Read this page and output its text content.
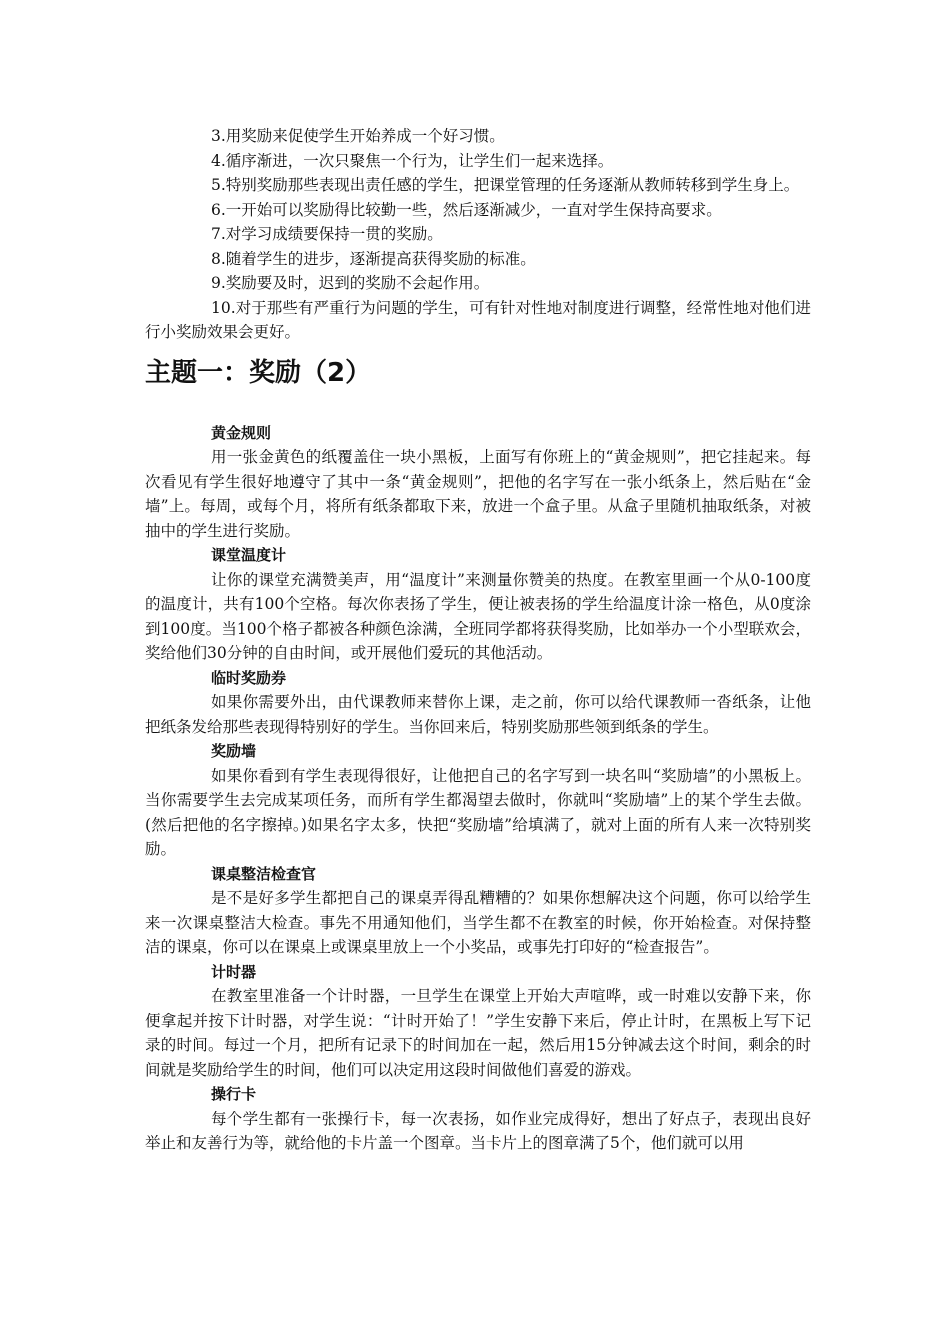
3.用奖励来促使学生开始养成一个好习惯。

4.循序渐进，一次只聚焦一个行为，让学生们一起来选择。

5.特别奖励那些表现出责任感的学生，把课堂管理的任务逐渐从教师转移到学生身上。

6.一开始可以奖励得比较勤一些，然后逐渐减少，一直对学生保持高要求。

7.对学习成绩要保持一贯的奖励。

8.随着学生的进步，逐渐提高获得奖励的标准。

9.奖励要及时，迟到的奖励不会起作用。

10.对于那些有严重行为问题的学生，可有针对性地对制度进行调整，经常性地对他们进行小奖励效果会更好。

主题一：奖励（2）
黄金规则

用一张金黄色的纸覆盖住一块小黑板，上面写有你班上的“黄金规则”，把它挂起来。每次看见有学生很好地遵守了其中一条“黄金规则”，把他的名字写在一张小纸条上，然后贴在“金墙”上。每周，或每个月，将所有纸条都取下来，放进一个盒子里。从盒子里随机抽取纸条，对被抽中的学生进行奖励。

课堂温度计

让你的课堂充满赞美声，用“温度计”来测量你赞美的热度。在教室里画一个从0-100度的温度计，共有100个空格。每次你表扬了学生，便让被表扬的学生给温度计涂一格色，从0度涂到100度。当100个格子都被各种颜色涂满，全班同学都将获得奖励，比如举办一个小型联欢会，奖给他们30分钟的自由时间，或开展他们爱玩的其他活动。

临时奖励券

如果你需要外出，由代课教师来替你上课，走之前，你可以给代课教师一沓纸条，让他把纸条发给那些表现得特别好的学生。当你回来后，特别奖励那些领到纸条的学生。

奖励墙

如果你看到有学生表现得很好，让他把自己的名字写到一块名叫“奖励墙”的小黑板上。当你需要学生去完成某项任务，而所有学生都渴望去做时，你就叫“奖励墙”上的某个学生去做。(然后把他的名字擦掉。)如果名字太多，快把“奖励墙”给填满了，就对上面的所有人来一次特别奖励。

课桌整洁检查官

是不是好多学生都把自己的课桌弄得乱糟糟的？如果你想解决这个问题，你可以给学生来一次课桌整洁大检查。事先不用通知他们，当学生都不在教室的时候，你开始检查。对保持整洁的课桌，你可以在课桌上或课桌里放上一个小奖品，或事先打印好的“检查报告”。

计时器

在教室里准备一个计时器，一旦学生在课堂上开始大声喧哗，或一时难以安静下来，你便拿起并按下计时器，对学生说：“计时开始了！”学生安静下来后，停止计时，在黑板上写下记录的时间。每过一个月，把所有记录下的时间加在一起，然后用15分钟减去这个时间，剩余的时间就是奖励给学生的时间，他们可以决定用这段时间做他们喜爱的游戏。

操行卡

每个学生都有一张操行卡，每一次表扬，如作业完成得好，想出了好点子，表现出良好举止和友善行为等，就给他的卡片盖一个图章。当卡片上的图章满了5个，他们就可以用
